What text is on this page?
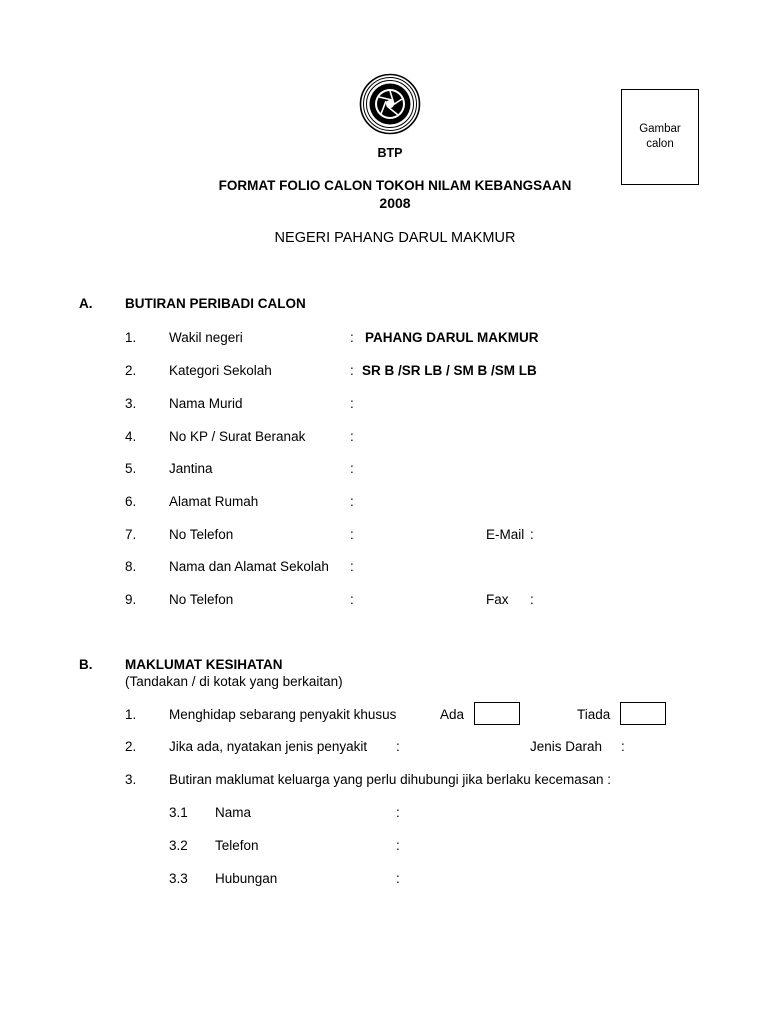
BTP
Gambar
calon
FORMAT FOLIO CALON TOKOH NILAM KEBANGSAAN
2008
NEGERI PAHANG DARUL MAKMUR
A. BUTIRAN PERIBADI CALON
1. Wakil negeri	: PAHANG DARUL MAKMUR
2. Kategori Sekolah	: SR B /SR LB / SM B /SM LB
3. Nama Murid	:
4. No KP / Surat Beranak	:
5. Jantina	:
6. Alamat Rumah	:
7. No Telefon	:	E-Mail :
8. Nama dan Alamat Sekolah :
9. No Telefon	:	Fax :
B. MAKLUMAT KESIHATAN
(Tandakan / di kotak yang berkaitan)
1. Menghidap sebarang penyakit khusus	Ada	Tiada
2. Jika ada, nyatakan jenis penyakit :	Jenis Darah :
3. Butiran maklumat keluarga yang perlu dihubungi jika berlaku kecemasan :
3.1 Nama	:
3.2 Telefon	:
3.3 Hubungan	:
